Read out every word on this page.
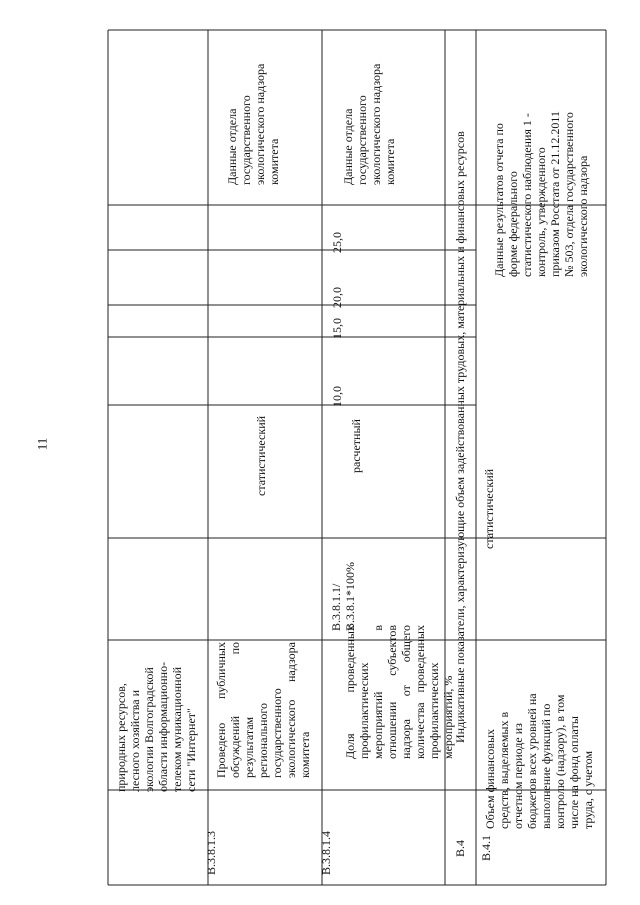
11
природных ресурсов, лесного хозяйства и экологии Волгоградской области информационно-телеком муникационной сети "Интернет"
В.3.8.1.3
Проведено публичных обсуждений по результатам регионального государственного экологического надзора комитета
статистический
Данные отдела государственного экологического надзора комитета
В.3.8.1.4
Доля проведенных профилактических мероприятий в отношении субъектов надзора от общего количества проведенных профилактических мероприятий, %
В.3.8.1.1/ В.3.8.1*100%
расчетный
10,0
15,0
20,0
25,0
Данные отдела государственного экологического надзора комитета
В.4
Индикативные показатели, характеризующие объем задействованных трудовых, материальных и финансовых ресурсов
В.4.1
Объем финансовых средств, выделяемых в отчетном периоде из бюджетов всех уровней на выполнение функций по контролю (надзору), в том числе на фонд оплаты труда, с учетом
статистический
Данные результатов отчета по форме федерального статистического наблюдения 1 - контроль, утвержденного приказом Росстата от 21.12.2011 № 503, отдела государственного экологического надзора
